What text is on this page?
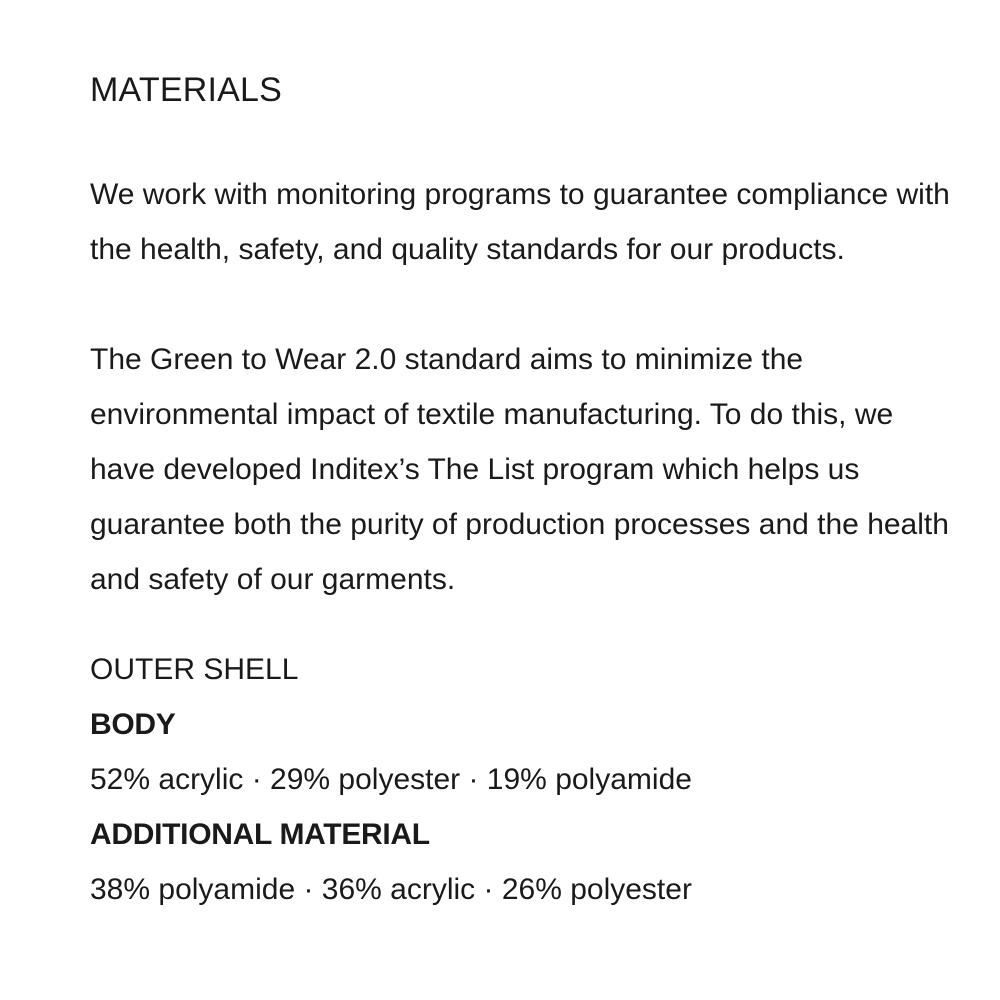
MATERIALS

We work with monitoring programs to guarantee compliance with the health, safety, and quality standards for our products.

The Green to Wear 2.0 standard aims to minimize the environmental impact of textile manufacturing. To do this, we have developed Inditex’s The List program which helps us guarantee both the purity of production processes and the health and safety of our garments.

OUTER SHELL
BODY
52% acrylic · 29% polyester · 19% polyamide
ADDITIONAL MATERIAL
38% polyamide · 36% acrylic · 26% polyester
